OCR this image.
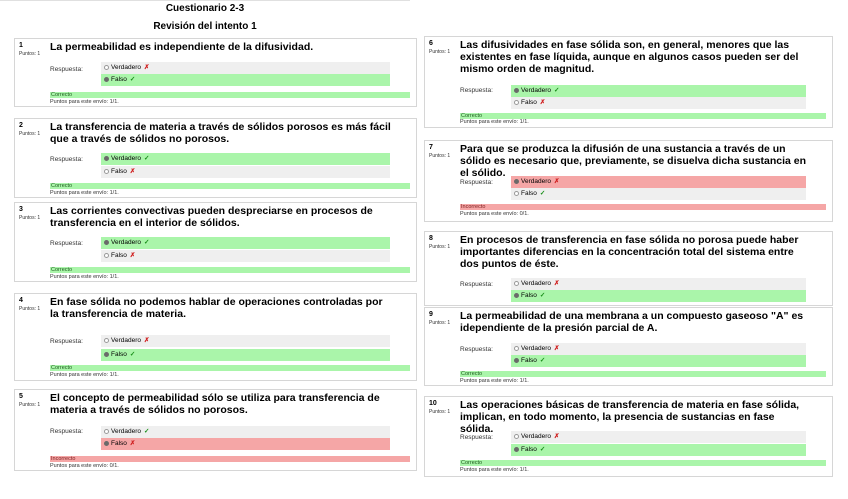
Cuestionario 2-3
Revisión del intento 1
1
Puntos: 1
La permeabilidad es independiente de la difusividad.
Respuesta:	Verdadero ✗
Falso ✓
Correcto
Puntos para este envío: 1/1.
2
Puntos: 1
La transferencia de materia a través de sólidos porosos es más fácil que a través de sólidos no porosos.
Respuesta:	Verdadero ✓
Falso ✗
Correcto
Puntos para este envío: 1/1.
3
Puntos: 1
Las corrientes convectivas pueden despreciarse en procesos de transferencia en el interior de sólidos.
Respuesta:	Verdadero ✓
Falso ✗
Correcto
Puntos para este envío: 1/1.
4
Puntos: 1
En fase sólida no podemos hablar de operaciones controladas por la transferencia de materia.
Respuesta:	Verdadero ✗
Falso ✓
Correcto
Puntos para este envío: 1/1.
5
Puntos: 1
El concepto de permeabilidad sólo se utiliza para transferencia de materia a través de sólidos no porosos.
Respuesta:	Verdadero ✓
Falso ✗
Incorrecto
Puntos para este envío: 0/1.
6
Puntos: 1
Las difusividades en fase sólida son, en general, menores que las existentes en fase líquida, aunque en algunos casos pueden ser del mismo orden de magnitud.
Respuesta:	Verdadero ✓
Falso ✗
Correcto
Puntos para este envío: 1/1.
7
Puntos: 1
Para que se produzca la difusión de una sustancia a través de un sólido es necesario que, previamente, se disuelva dicha sustancia en el sólido.
Respuesta:	Verdadero ✗
Falso ✓
Incorrecto
Puntos para este envío: 0/1.
8
Puntos: 1
En procesos de transferencia en fase sólida no porosa puede haber importantes diferencias en la concentración total del sistema entre dos puntos de éste.
Respuesta:	Verdadero ✗
Falso ✓
9
Puntos: 1
La permeabilidad de una membrana a un compuesto gaseoso "A" es idependiente de la presión parcial de A.
Respuesta:	Verdadero ✗
Falso ✓
Correcto
Puntos para este envío: 1/1.
10
Puntos: 1
Las operaciones básicas de transferencia de materia en fase sólida, implican, en todo momento, la presencia de sustancias en fase sólida.
Respuesta:	Verdadero ✗
Falso ✓
Correcto
Puntos para este envío: 1/1.
